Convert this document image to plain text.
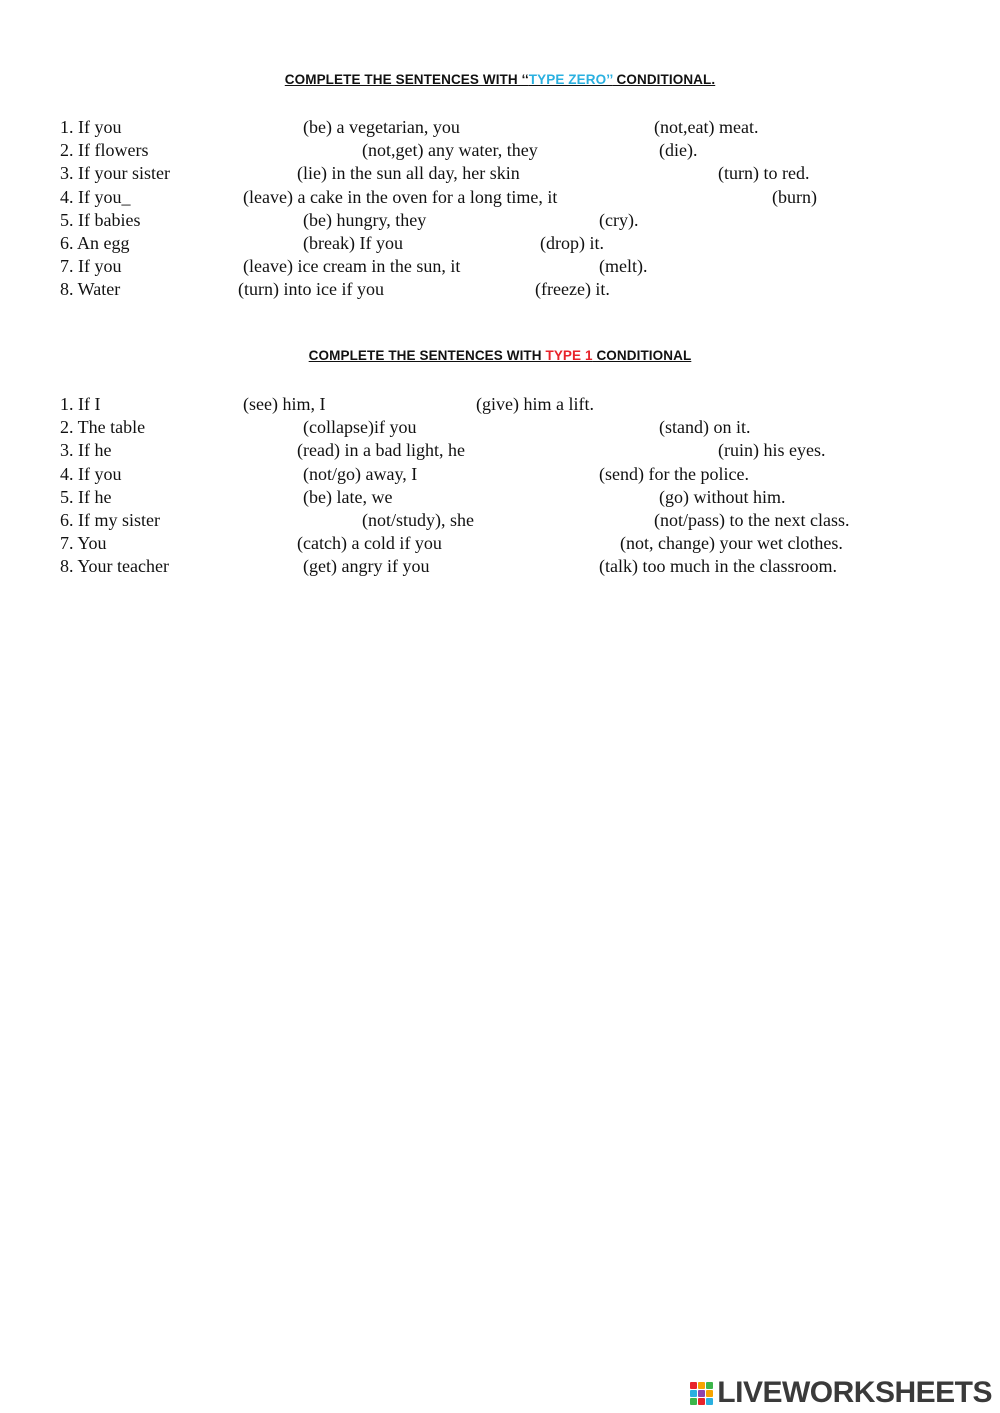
COMPLETE THE SENTENCES WITH ‘‘TYPE ZERO’’ CONDITIONAL.
1. If you	(be) a vegetarian, you	(not,eat) meat.
2. If flowers	(not,get) any water, they	(die).
3. If your sister	(lie) in the sun all day, her skin	(turn) to red.
4. If you_	(leave) a cake in the oven for a long time, it	(burn)
5. If babies	(be) hungry, they	(cry).
6. An egg	(break) If you	(drop) it.
7. If you	(leave) ice cream in the sun, it	(melt).
8. Water	(turn) into ice if you	(freeze) it.
COMPLETE THE SENTENCES WITH TYPE 1 CONDITIONAL
1. If I	(see) him, I	(give) him a lift.
2. The table	(collapse)if you	(stand) on it.
3. If he	(read) in a bad light, he	(ruin) his eyes.
4. If you	(not/go) away, I	(send) for the police.
5. If he	(be) late, we	(go) without him.
6. If my sister	(not/study), she	(not/pass) to the next class.
7. You	(catch) a cold if you	(not, change) your wet clothes.
8. Your teacher	(get) angry if you	(talk) too much in the classroom.
LIVEWORKSHEETS
